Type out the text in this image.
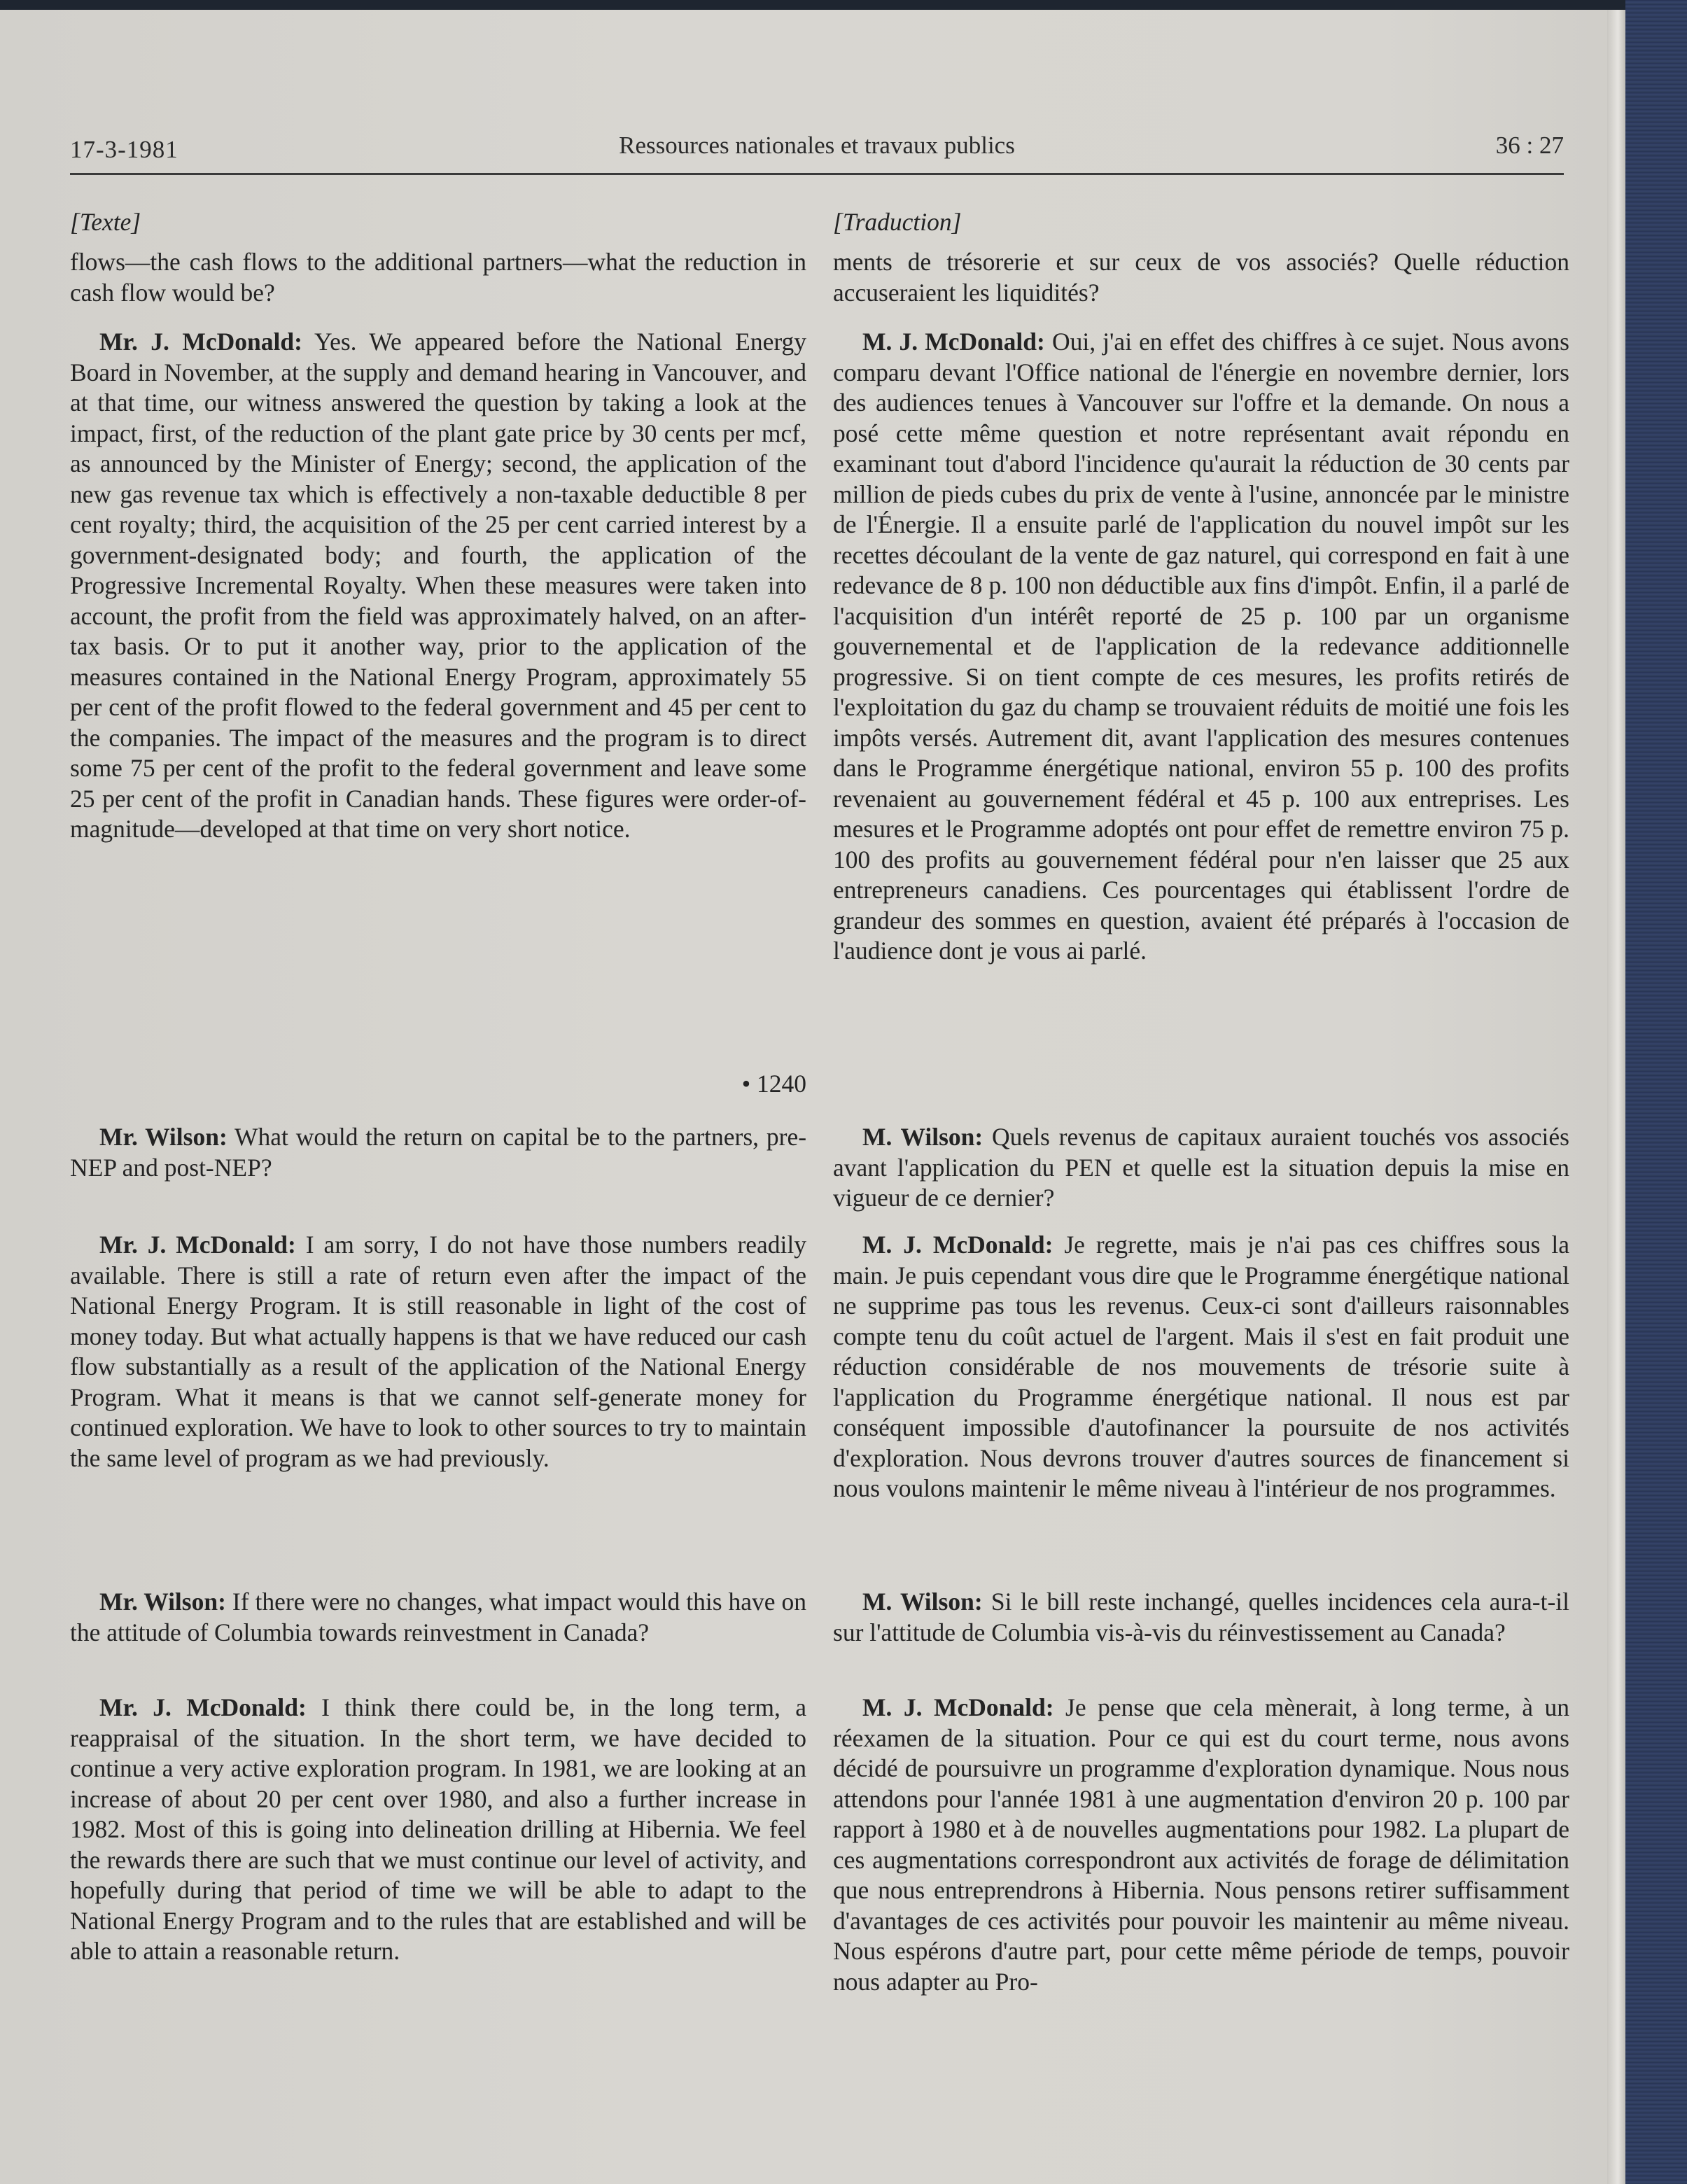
17-3-1981	Ressources nationales et travaux publics	36 : 27
[Texte]

flows—the cash flows to the additional partners—what the reduction in cash flow would be?

Mr. J. McDonald: Yes. We appeared before the National Energy Board in November, at the supply and demand hearing in Vancouver, and at that time, our witness answered the question by taking a look at the impact, first, of the reduction of the plant gate price by 30 cents per mcf, as announced by the Minister of Energy; second, the application of the new gas revenue tax which is effectively a non-taxable deductible 8 per cent royalty; third, the acquisition of the 25 per cent carried interest by a government-designated body; and fourth, the application of the Progressive Incremental Royalty. When these measures were taken into account, the profit from the field was approximately halved, on an after-tax basis. Or to put it another way, prior to the application of the measures contained in the National Energy Program, approximately 55 per cent of the profit flowed to the federal government and 45 per cent to the companies. The impact of the measures and the program is to direct some 75 per cent of the profit to the federal government and leave some 25 per cent of the profit in Canadian hands. These figures were order-of-magnitude—developed at that time on very short notice.

• 1240

Mr. Wilson: What would the return on capital be to the partners, pre-NEP and post-NEP?

Mr. J. McDonald: I am sorry, I do not have those numbers readily available. There is still a rate of return even after the impact of the National Energy Program. It is still reasonable in light of the cost of money today. But what actually happens is that we have reduced our cash flow substantially as a result of the application of the National Energy Program. What it means is that we cannot self-generate money for continued exploration. We have to look to other sources to try to maintain the same level of program as we had previously.

Mr. Wilson: If there were no changes, what impact would this have on the attitude of Columbia towards reinvestment in Canada?

Mr. J. McDonald: I think there could be, in the long term, a reappraisal of the situation. In the short term, we have decided to continue a very active exploration program. In 1981, we are looking at an increase of about 20 per cent over 1980, and also a further increase in 1982. Most of this is going into delineation drilling at Hibernia. We feel the rewards there are such that we must continue our level of activity, and hopefully during that period of time we will be able to adapt to the National Energy Program and to the rules that are established and will be able to attain a reasonable return.

[Traduction]

ments de trésorerie et sur ceux de vos associés? Quelle réduction accuseraient les liquidités?

M. J. McDonald: Oui, j'ai en effet des chiffres à ce sujet. Nous avons comparu devant l'Office national de l'énergie en novembre dernier, lors des audiences tenues à Vancouver sur l'offre et la demande. On nous a posé cette même question et notre représentant avait répondu en examinant tout d'abord l'incidence qu'aurait la réduction de 30 cents par million de pieds cubes du prix de vente à l'usine, annoncée par le ministre de l'Énergie. Il a ensuite parlé de l'application du nouvel impôt sur les recettes découlant de la vente de gaz naturel, qui correspond en fait à une redevance de 8 p. 100 non déductible aux fins d'impôt. Enfin, il a parlé de l'acquisition d'un intérêt reporté de 25 p. 100 par un organisme gouvernemental et de l'application de la redevance additionnelle progressive. Si on tient compte de ces mesures, les profits retirés de l'exploitation du gaz du champ se trouvaient réduits de moitié une fois les impôts versés. Autrement dit, avant l'application des mesures contenues dans le Programme énergétique national, environ 55 p. 100 des profits revenaient au gouvernement fédéral et 45 p. 100 aux entreprises. Les mesures et le Programme adoptés ont pour effet de remettre environ 75 p. 100 des profits au gouvernement fédéral pour n'en laisser que 25 aux entrepreneurs canadiens. Ces pourcentages qui établissent l'ordre de grandeur des sommes en question, avaient été préparés à l'occasion de l'audience dont je vous ai parlé.

M. Wilson: Quels revenus de capitaux auraient touchés vos associés avant l'application du PEN et quelle est la situation depuis la mise en vigueur de ce dernier?

M. J. McDonald: Je regrette, mais je n'ai pas ces chiffres sous la main. Je puis cependant vous dire que le Programme énergétique national ne supprime pas tous les revenus. Ceux-ci sont d'ailleurs raisonnables compte tenu du coût actuel de l'argent. Mais il s'est en fait produit une réduction considérable de nos mouvements de trésorie suite à l'application du Programme énergétique national. Il nous est par conséquent impossible d'autofinancer la poursuite de nos activités d'exploration. Nous devrons trouver d'autres sources de financement si nous voulons maintenir le même niveau à l'intérieur de nos programmes.

M. Wilson: Si le bill reste inchangé, quelles incidences cela aura-t-il sur l'attitude de Columbia vis-à-vis du réinvestissement au Canada?

M. J. McDonald: Je pense que cela mènerait, à long terme, à un réexamen de la situation. Pour ce qui est du court terme, nous avons décidé de poursuivre un programme d'exploration dynamique. Nous nous attendons pour l'année 1981 à une augmentation d'environ 20 p. 100 par rapport à 1980 et à de nouvelles augmentations pour 1982. La plupart de ces augmentations correspondront aux activités de forage de délimitation que nous entreprendrons à Hibernia. Nous pensons retirer suffisamment d'avantages de ces activités pour pouvoir les maintenir au même niveau. Nous espérons d'autre part, pour cette même période de temps, pouvoir nous adapter au Pro-
